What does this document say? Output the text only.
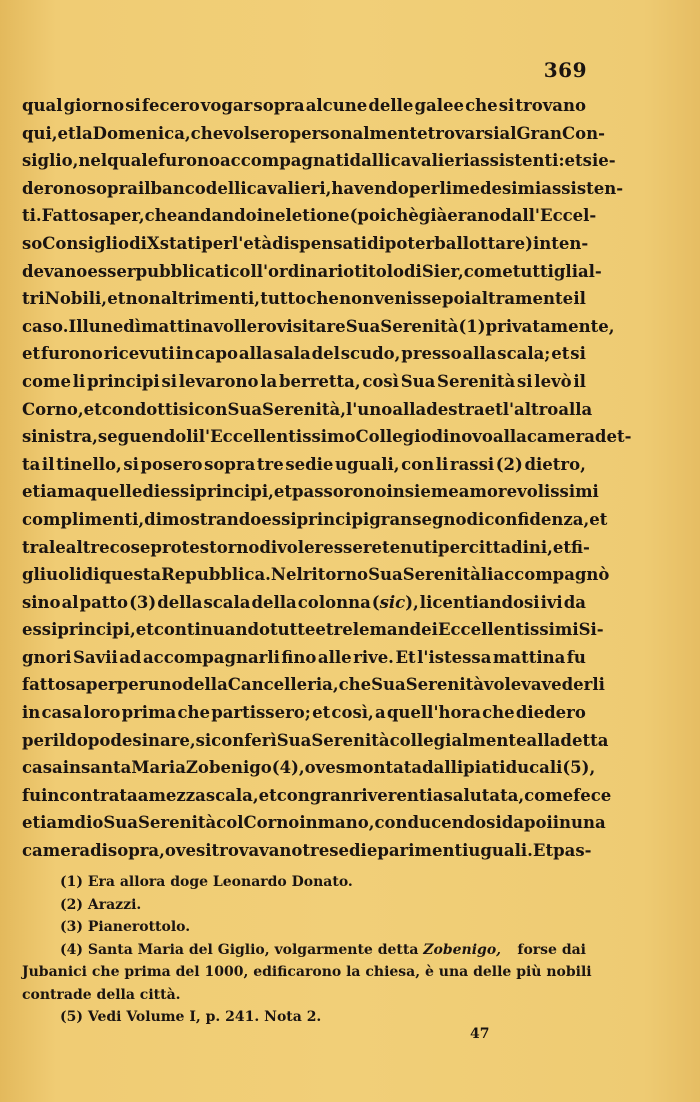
369
qual giorno si fecero vogar sopra alcune delle galee che si trovano
qui, et la Domenica, che volsero personalmente trovarsi al Gran Con-
siglio, nel quale furono accompagnati dalli cavalieri assistenti: et sie-
derono sopra il banco delli cavalieri, havendo per li medesimi assisten-
ti. Fatto saper, che andando in eletione (poichè già erano dall'Eccel-
so Consiglio di X stati per l'età dispensati di poter ballottare) inten-
devano esser pubblicati coll'ordinario titolo di Sier, come tutti gli al-
tri Nobili, et non altrimenti, tutto che non venisse poi altramente il
caso. Il lunedì mattina vollero visitare Sua Serenità (1) privatamente,
et furono ricevuti in capo alla sala del scudo, presso alla scala; et si
come li principi si levarono la berretta, così Sua Serenità si levò il
Corno, et condottisi con Sua Serenità, l'uno alla destra et l'altro alla
sinistra, seguendoli l'Eccellentissimo Collegio di novo alla camera det-
ta il tinello, si posero sopra tre sedie uguali, con li rassi (2) dietro,
etiam a quelle di essi principi, et passorono insieme amorevolissimi
complimenti, dimostrando essi principi gran segno di confidenza, et
tra le altre cose protestorno di voler essere tenuti per cittadini, et fi-
gliuoli di questa Repubblica. Nel ritorno Sua Serenità li accompagnò
sino al patto (3) della scala della colonna (sic), licentiandosi ivi da
essi principi, et continuando tutte e tre le man dei Eccellentissimi Si-
gnori Savii ad accompagnarli fino alle rive. Et l'istessa mattina fu
fatto saper per uno della Cancelleria, che Sua Serenità voleva vederli
in casa loro prima che partissero; et così, a quell'hora che diedero
per il dopo desinare, si conferì Sua Serenità collegialmente alla detta
casa in santa Maria Zobenigo (4), ove smontata dalli piati ducali (5),
fu incontrata a mezza scala, et con gran riverentia salutata, come fece
etiamdio Sua Serenità col Corno in mano, conducendosi dapoi in una
camera di sopra, ove si trovavano tre sedie parimenti uguali. Et pas-
(1) Era allora doge Leonardo Donato.
(2) Arazzi.
(3) Pianerottolo.
(4) Santa Maria del Giglio, volgarmente detta Zobenigo, forse dai
Jubanici che prima del 1000, edificarono la chiesa, è una delle più nobili
contrade della città.
(5) Vedi Volume I, p. 241. Nota 2.
47
